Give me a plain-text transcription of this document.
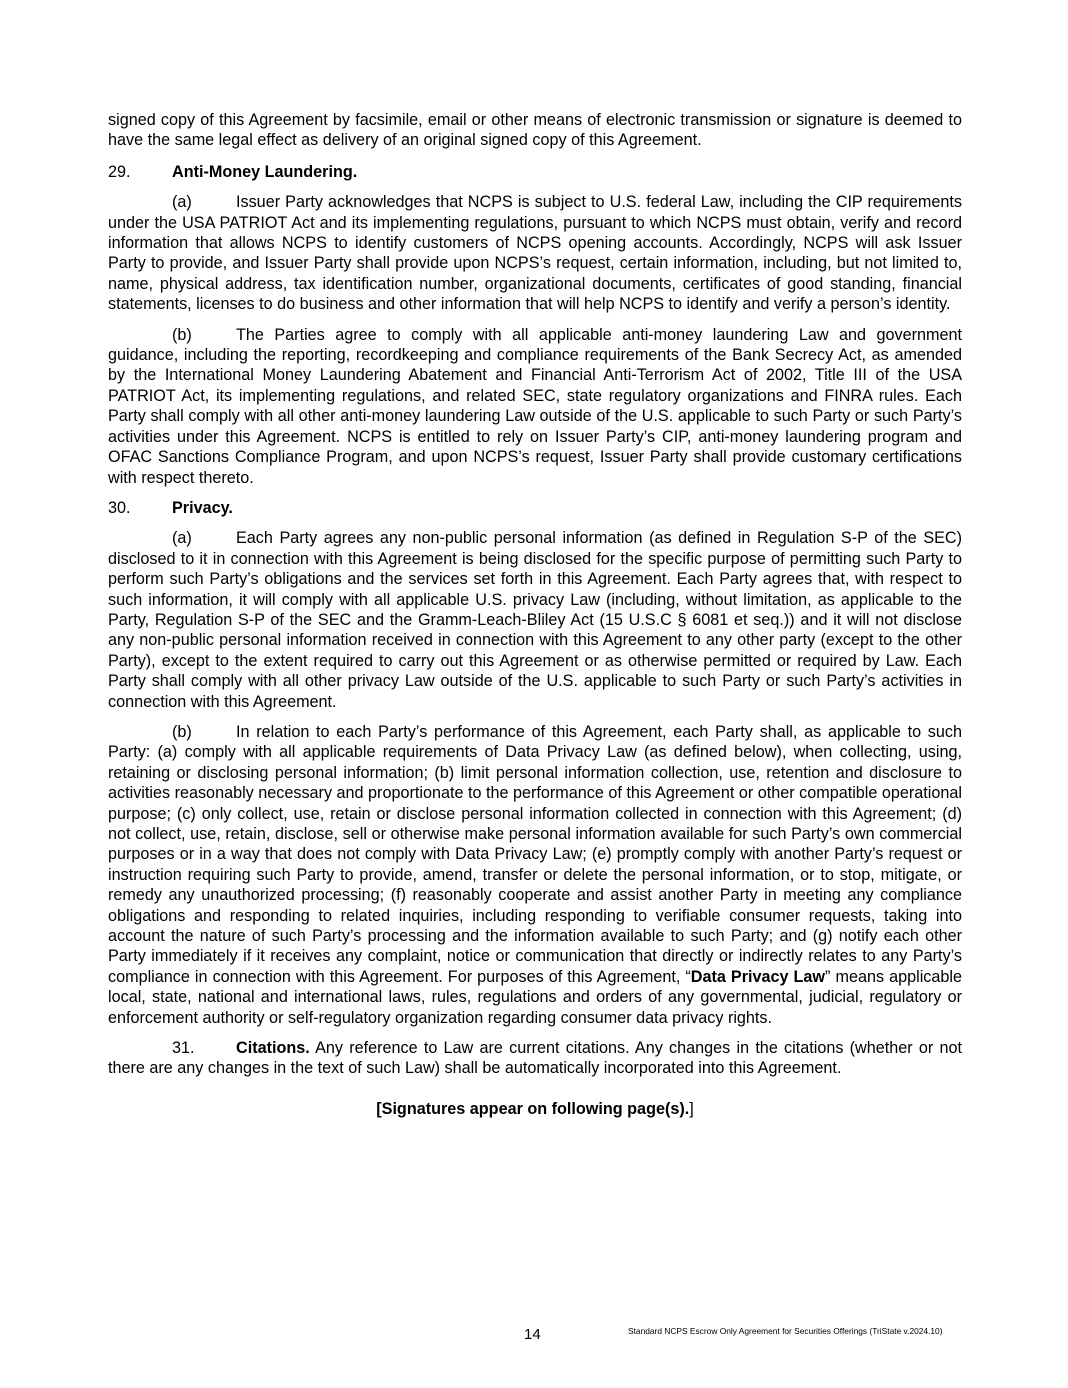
signed copy of this Agreement by facsimile, email or other means of electronic transmission or signature is deemed to have the same legal effect as delivery of an original signed copy of this Agreement.

29.	Anti-Money Laundering.

(a)	Issuer Party acknowledges that NCPS is subject to U.S. federal Law, including the CIP requirements under the USA PATRIOT Act and its implementing regulations, pursuant to which NCPS must obtain, verify and record information that allows NCPS to identify customers of NCPS opening accounts. Accordingly, NCPS will ask Issuer Party to provide, and Issuer Party shall provide upon NCPS’s request, certain information, including, but not limited to, name, physical address, tax identification number, organizational documents, certificates of good standing, financial statements, licenses to do business and other information that will help NCPS to identify and verify a person’s identity.

(b)	The Parties agree to comply with all applicable anti-money laundering Law and government guidance, including the reporting, recordkeeping and compliance requirements of the Bank Secrecy Act, as amended by the International Money Laundering Abatement and Financial Anti-Terrorism Act of 2002, Title III of the USA PATRIOT Act, its implementing regulations, and related SEC, state regulatory organizations and FINRA rules. Each Party shall comply with all other anti-money laundering Law outside of the U.S. applicable to such Party or such Party’s activities under this Agreement. NCPS is entitled to rely on Issuer Party’s CIP, anti-money laundering program and OFAC Sanctions Compliance Program, and upon NCPS’s request, Issuer Party shall provide customary certifications with respect thereto.

30.	Privacy.

(a)	Each Party agrees any non-public personal information (as defined in Regulation S-P of the SEC) disclosed to it in connection with this Agreement is being disclosed for the specific purpose of permitting such Party to perform such Party’s obligations and the services set forth in this Agreement. Each Party agrees that, with respect to such information, it will comply with all applicable U.S. privacy Law (including, without limitation, as applicable to the Party, Regulation S-P of the SEC and the Gramm-Leach-Bliley Act (15 U.S.C § 6081 et seq.)) and it will not disclose any non-public personal information received in connection with this Agreement to any other party (except to the other Party), except to the extent required to carry out this Agreement or as otherwise permitted or required by Law. Each Party shall comply with all other privacy Law outside of the U.S. applicable to such Party or such Party’s activities in connection with this Agreement.

(b)	In relation to each Party’s performance of this Agreement, each Party shall, as applicable to such Party: (a) comply with all applicable requirements of Data Privacy Law (as defined below), when collecting, using, retaining or disclosing personal information; (b) limit personal information collection, use, retention and disclosure to activities reasonably necessary and proportionate to the performance of this Agreement or other compatible operational purpose; (c) only collect, use, retain or disclose personal information collected in connection with this Agreement; (d) not collect, use, retain, disclose, sell or otherwise make personal information available for such Party’s own commercial purposes or in a way that does not comply with Data Privacy Law; (e) promptly comply with another Party’s request or instruction requiring such Party to provide, amend, transfer or delete the personal information, or to stop, mitigate, or remedy any unauthorized processing; (f) reasonably cooperate and assist another Party in meeting any compliance obligations and responding to related inquiries, including responding to verifiable consumer requests, taking into account the nature of such Party’s processing and the information available to such Party; and (g) notify each other Party immediately if it receives any complaint, notice or communication that directly or indirectly relates to any Party’s compliance in connection with this Agreement. For purposes of this Agreement, “Data Privacy Law” means applicable local, state, national and international laws, rules, regulations and orders of any governmental, judicial, regulatory or enforcement authority or self-regulatory organization regarding consumer data privacy rights.

31.	Citations. Any reference to Law are current citations. Any changes in the citations (whether or not there are any changes in the text of such Law) shall be automatically incorporated into this Agreement.

[Signatures appear on following page(s).]

14	Standard NCPS Escrow Only Agreement for Securities Offerings (TriState v.2024.10)
